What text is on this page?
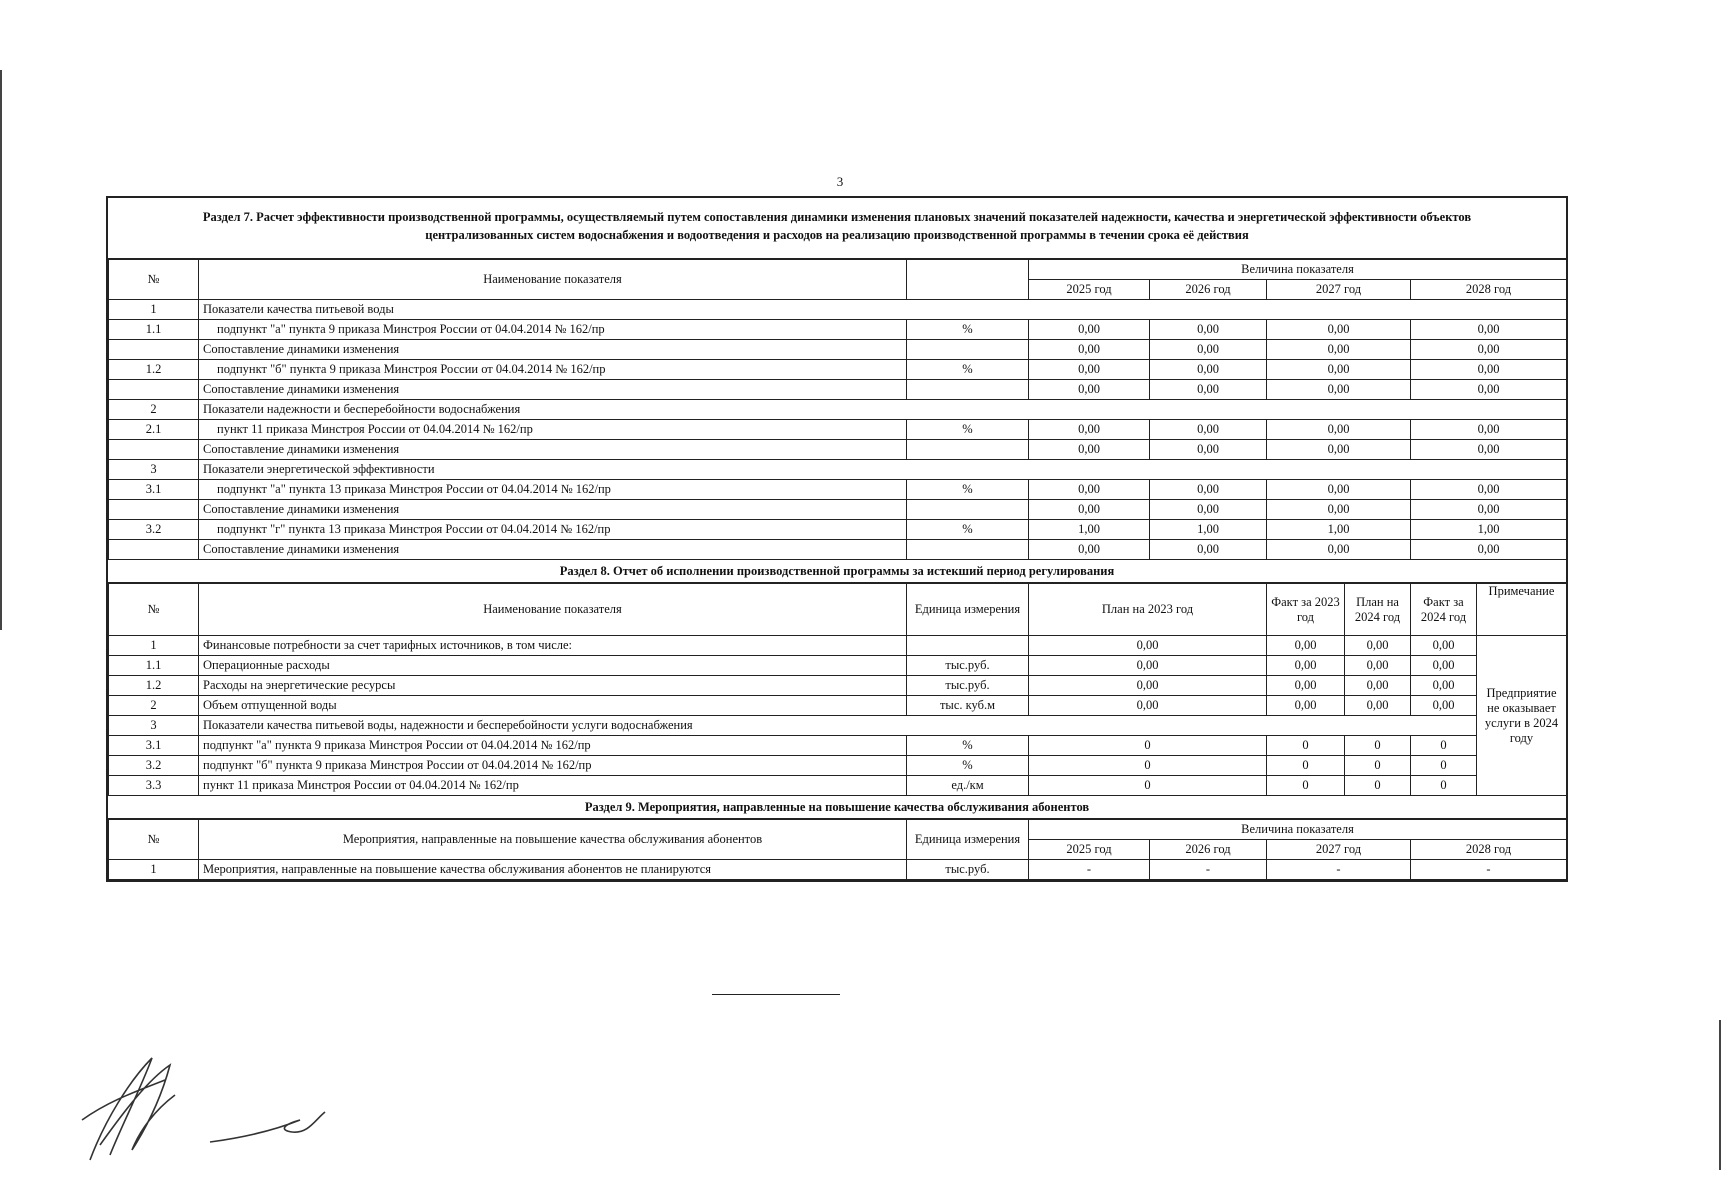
3
Раздел 7. Расчет эффективности производственной программы, осуществляемый путем сопоставления динамики изменения плановых значений показателей надежности, качества и энергетической эффективности объектов централизованных систем водоснабжения и водоотведения и расходов на реализацию производственной программы в течении срока её действия
№	Наименование показателя		Величина показателя			
			2025 год	2026 год	2027 год	2028 год
1	Показатели качества питьевой воды					
1.1	подпункт "а" пункта 9 приказа Минстроя России от 04.04.2014 № 162/пр	%	0,00	0,00	0,00	0,00
	Сопоставление динамики изменения		0,00	0,00	0,00	0,00
1.2	подпункт "б" пункта 9 приказа Минстроя России от 04.04.2014 № 162/пр	%	0,00	0,00	0,00	0,00
	Сопоставление динамики изменения		0,00	0,00	0,00	0,00
2	Показатели надежности и бесперебойности водоснабжения					
2.1	пункт 11 приказа Минстроя России от 04.04.2014 № 162/пр	%	0,00	0,00	0,00	0,00
	Сопоставление динамики изменения		0,00	0,00	0,00	0,00
3	Показатели энергетической эффективности					
3.1	подпункт "а" пункта 13 приказа Минстроя России от 04.04.2014 № 162/пр	%	0,00	0,00	0,00	0,00
	Сопоставление динамики изменения		0,00	0,00	0,00	0,00
3.2	подпункт "г" пункта 13 приказа Минстроя России от 04.04.2014 № 162/пр	%	1,00	1,00	1,00	1,00
	Сопоставление динамики изменения		0,00	0,00	0,00	0,00
Раздел 8. Отчет об исполнении производственной программы за истекший период регулирования
№	Наименование показателя	Единица измерения	План на 2023 год	Факт за 2023 год	План на 2024 год	Факт за 2024 год	Примечание
1	Финансовые потребности за счет тарифных источников, в том числе:		0,00	0,00	0,00	0,00	Предприятие не оказывает услуги в 2024 году
1.1	Операционные расходы	тыс.руб.	0,00	0,00	0,00	0,00	
1.2	Расходы на энергетические ресурсы	тыс.руб.	0,00	0,00	0,00	0,00	
2	Объем отпущенной воды	тыс. куб.м	0,00	0,00	0,00	0,00	
3	Показатели качества питьевой воды, надежности и бесперебойности услуги водоснабжения						
3.1	подпункт "а" пункта 9 приказа Минстроя России от 04.04.2014 № 162/пр	%	0	0	0	0	
3.2	подпункт "б" пункта 9 приказа Минстроя России от 04.04.2014 № 162/пр	%	0	0	0	0	
3.3	пункт 11 приказа Минстроя России от 04.04.2014 № 162/пр	ед./км	0	0	0	0	
Раздел 9. Мероприятия, направленные на повышение качества обслуживания абонентов
№	Мероприятия, направленные на повышение качества обслуживания абонентов	Единица измерения	Величина показателя			
			2025 год	2026 год	2027 год	2028 год
1	Мероприятия, направленные на повышение качества обслуживания абонентов не планируются	тыс.руб.	-	-	-	-
